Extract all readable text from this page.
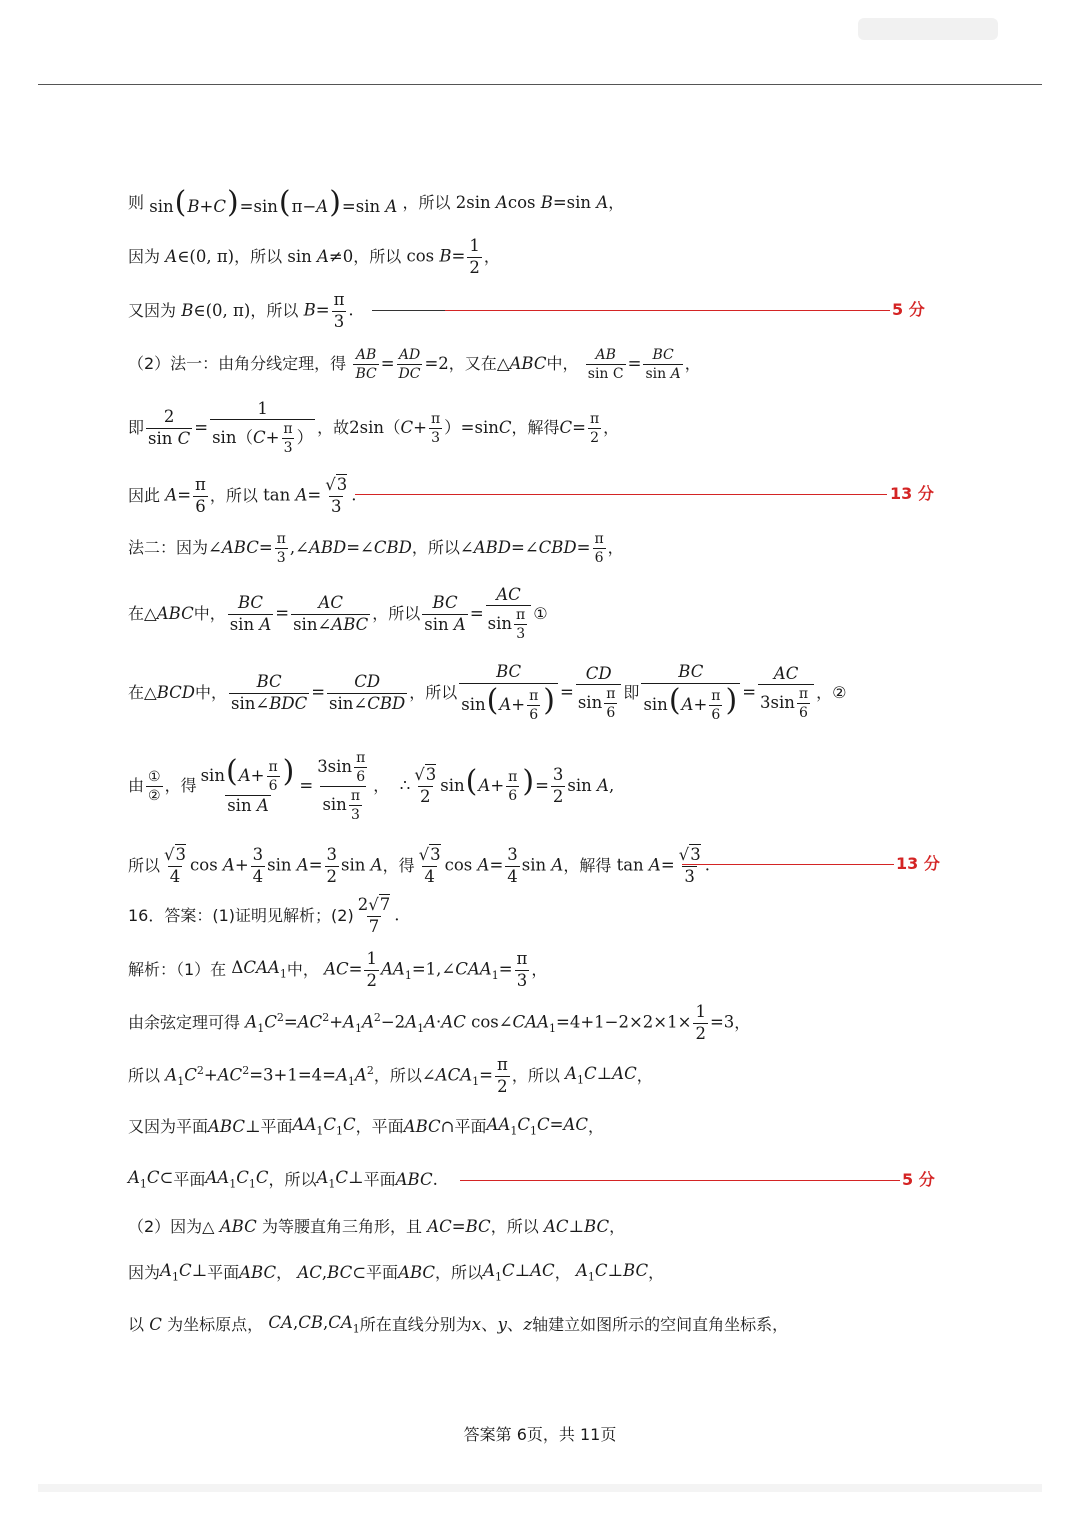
则 sin(B+C)=sin(π−A)=sin A ，所以 2sin Acos B=sin A ，
因为 A∈(0, π) ，所以 sin A≠0 ，所以 $\cos B= \frac{1}{2}$ ，
又因为 B∈(0, π) ，所以 $B= \frac{\pi}{3}$ .	5 分
（2）法一：由角分线定理，得
$\frac{AB}{BC} = \frac{AD}{DC} =2$ ，又在 △ABC 中，
$\frac{AB}{\text{sin C}} = \frac{BC}{\text{sin A}}$ ，
即 $\frac{2}{\text{sin C}} = \frac{1}{\sin(C+ \frac{\pi}{3} )}$ ，故 $2\sin(C+ \frac{\pi}{3} )=\sin C$ ，解得 $C= \frac{\pi}{2}$ ，
因此 $A= \frac{\pi}{6}$ ，所以 $\tan A= \frac{√3}{3}$ .	13 分
法二：因为 ∠ABC= $\frac{\pi}{3}$ ,∠ABD=∠CBD ，所以 ∠ABD=∠CBD= $\frac{\pi}{6}$ ，
在 △ABC 中， $\frac{BC}{\text{sin A}} = \frac{AC}{\text{sin∠ABC}}$ ，所以 $\frac{BC}{\text{sin A}} = \frac{AC}{\sin \frac{\pi}{3}}$ ①
在 △BCD 中， $\frac{BC}{\text{sin∠BDC}} = \frac{CD}{\text{sin∠CBD}}$ ，所以 $\frac{BC}{\sin(A+ \frac{\pi}{6} )} = \frac{CD}{\sin \frac{\pi}{6}}$ 即 $\frac{BC}{\sin(A+ \frac{\pi}{6} )} = \frac{AC}{3\sin \frac{\pi}{6}}$ ，②
由 $\frac{\text{①}}{\text{②}}$ ，得 $\frac{\sin(A+ \frac{\pi}{6} )}{\text{sin A}} = \frac{3\sin \frac{\pi}{6}}{\sin \frac{\pi}{3}}$ ， ∴ $\frac{√3}{2} \sin(A+ \frac{\pi}{6}$ )= $\frac{3}{2}$ sin A,
所以 $\frac{√3}{4}$ $\cos A+ \frac{3}{4}$ $\sin A= \frac{3}{2}$ sin A ，得 $\frac{√3}{4}$ $\cos A= \frac{3}{4}$ sin A ，解得 $\tan A= \frac{√3}{3}$ .	13 分
16．答案：(1)证明见解析；$(2) \frac{2√7}{7}$ .
解析：（1）在 $\Delta CAA_1$ 中， $AC= \frac{1}{2}$ $AA_1=1,\angle CAA_1= \frac{\pi}{3}$ ，
由余弦定理可得 $A_1C^2=AC^2+A_1A^2-2A_1A\cdot AC$ $\cos\angle CAA_1=4+1-2\times 2\times 1\times \frac{1}{2} =3$ ，
所以 $A_1C^2+AC^2=3+1=4=A_1A^2$ ，所以 $\angle ACA_1= \frac{\pi}{2}$ ，所以 $A_1C\perp AC$ ，
又因为平面 ABC⊥ 平面 $AA_1C_1C$ ，平面 ABC∩ 平面 $AA_1C_1C=AC$ ，
$A_1C\subset$ 平面 $AA_1C_1C$ ，所以 $A_1C\perp$ 平面 ABC.	5 分
（2）因为△ ABC 为等腰直角三角形，且 AC=BC ，所以 AC⊥BC ，
因为 $A_1C\perp$ 平面 ABC ， AC,BC⊂ 平面 ABC ，所以 $A_1C\perp AC$ ， $A_1C\perp BC$ ，
以 C 为坐标原点， $CA,CB,CA_1$ 所在直线分别为 x、y、z 轴建立如图所示的空间直角坐标系，
答案第 6页，共 11页
